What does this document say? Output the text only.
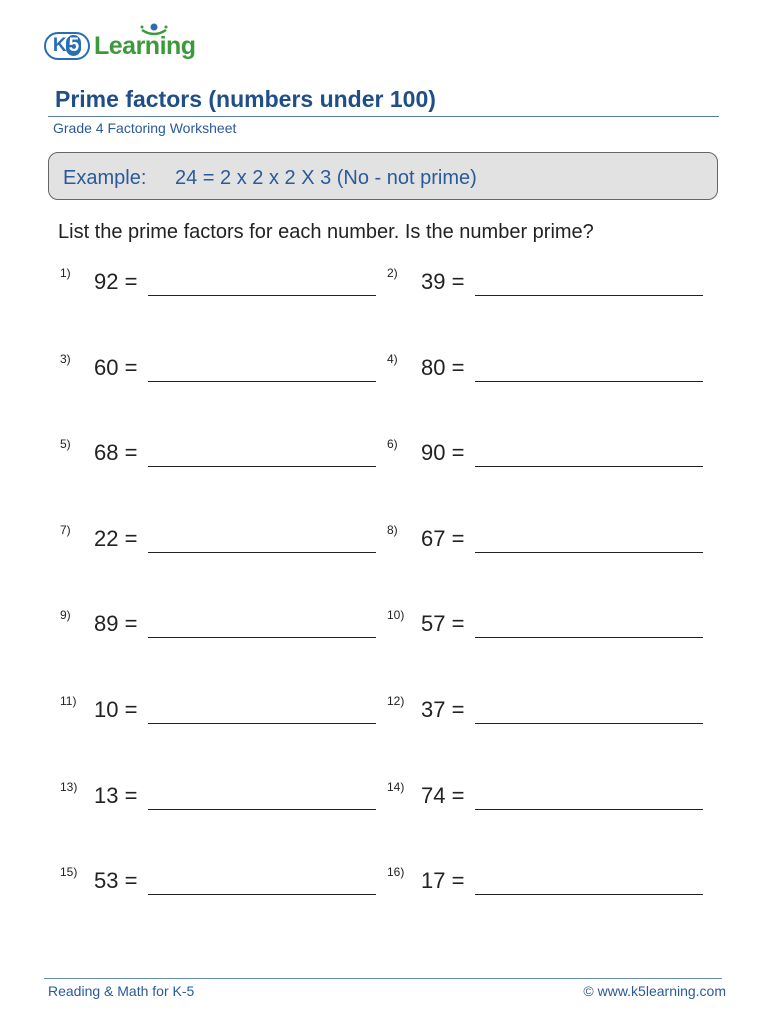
K 5 Learning
Prime factors (numbers under 100)
Grade 4 Factoring Worksheet
Example: 24 = 2 x 2 x 2 X 3 (No - not prime)
List the prime factors for each number. Is the number prime?
1) 92 =	2) 39 =
3) 60 =	4) 80 =
5) 68 =	6) 90 =
7) 22 =	8) 67 =
9) 89 =	10) 57 =
11) 10 =	12) 37 =
13) 13 =	14) 74 =
15) 53 =	16) 17 =
Reading & Math for K-5	© www.k5learning.com
